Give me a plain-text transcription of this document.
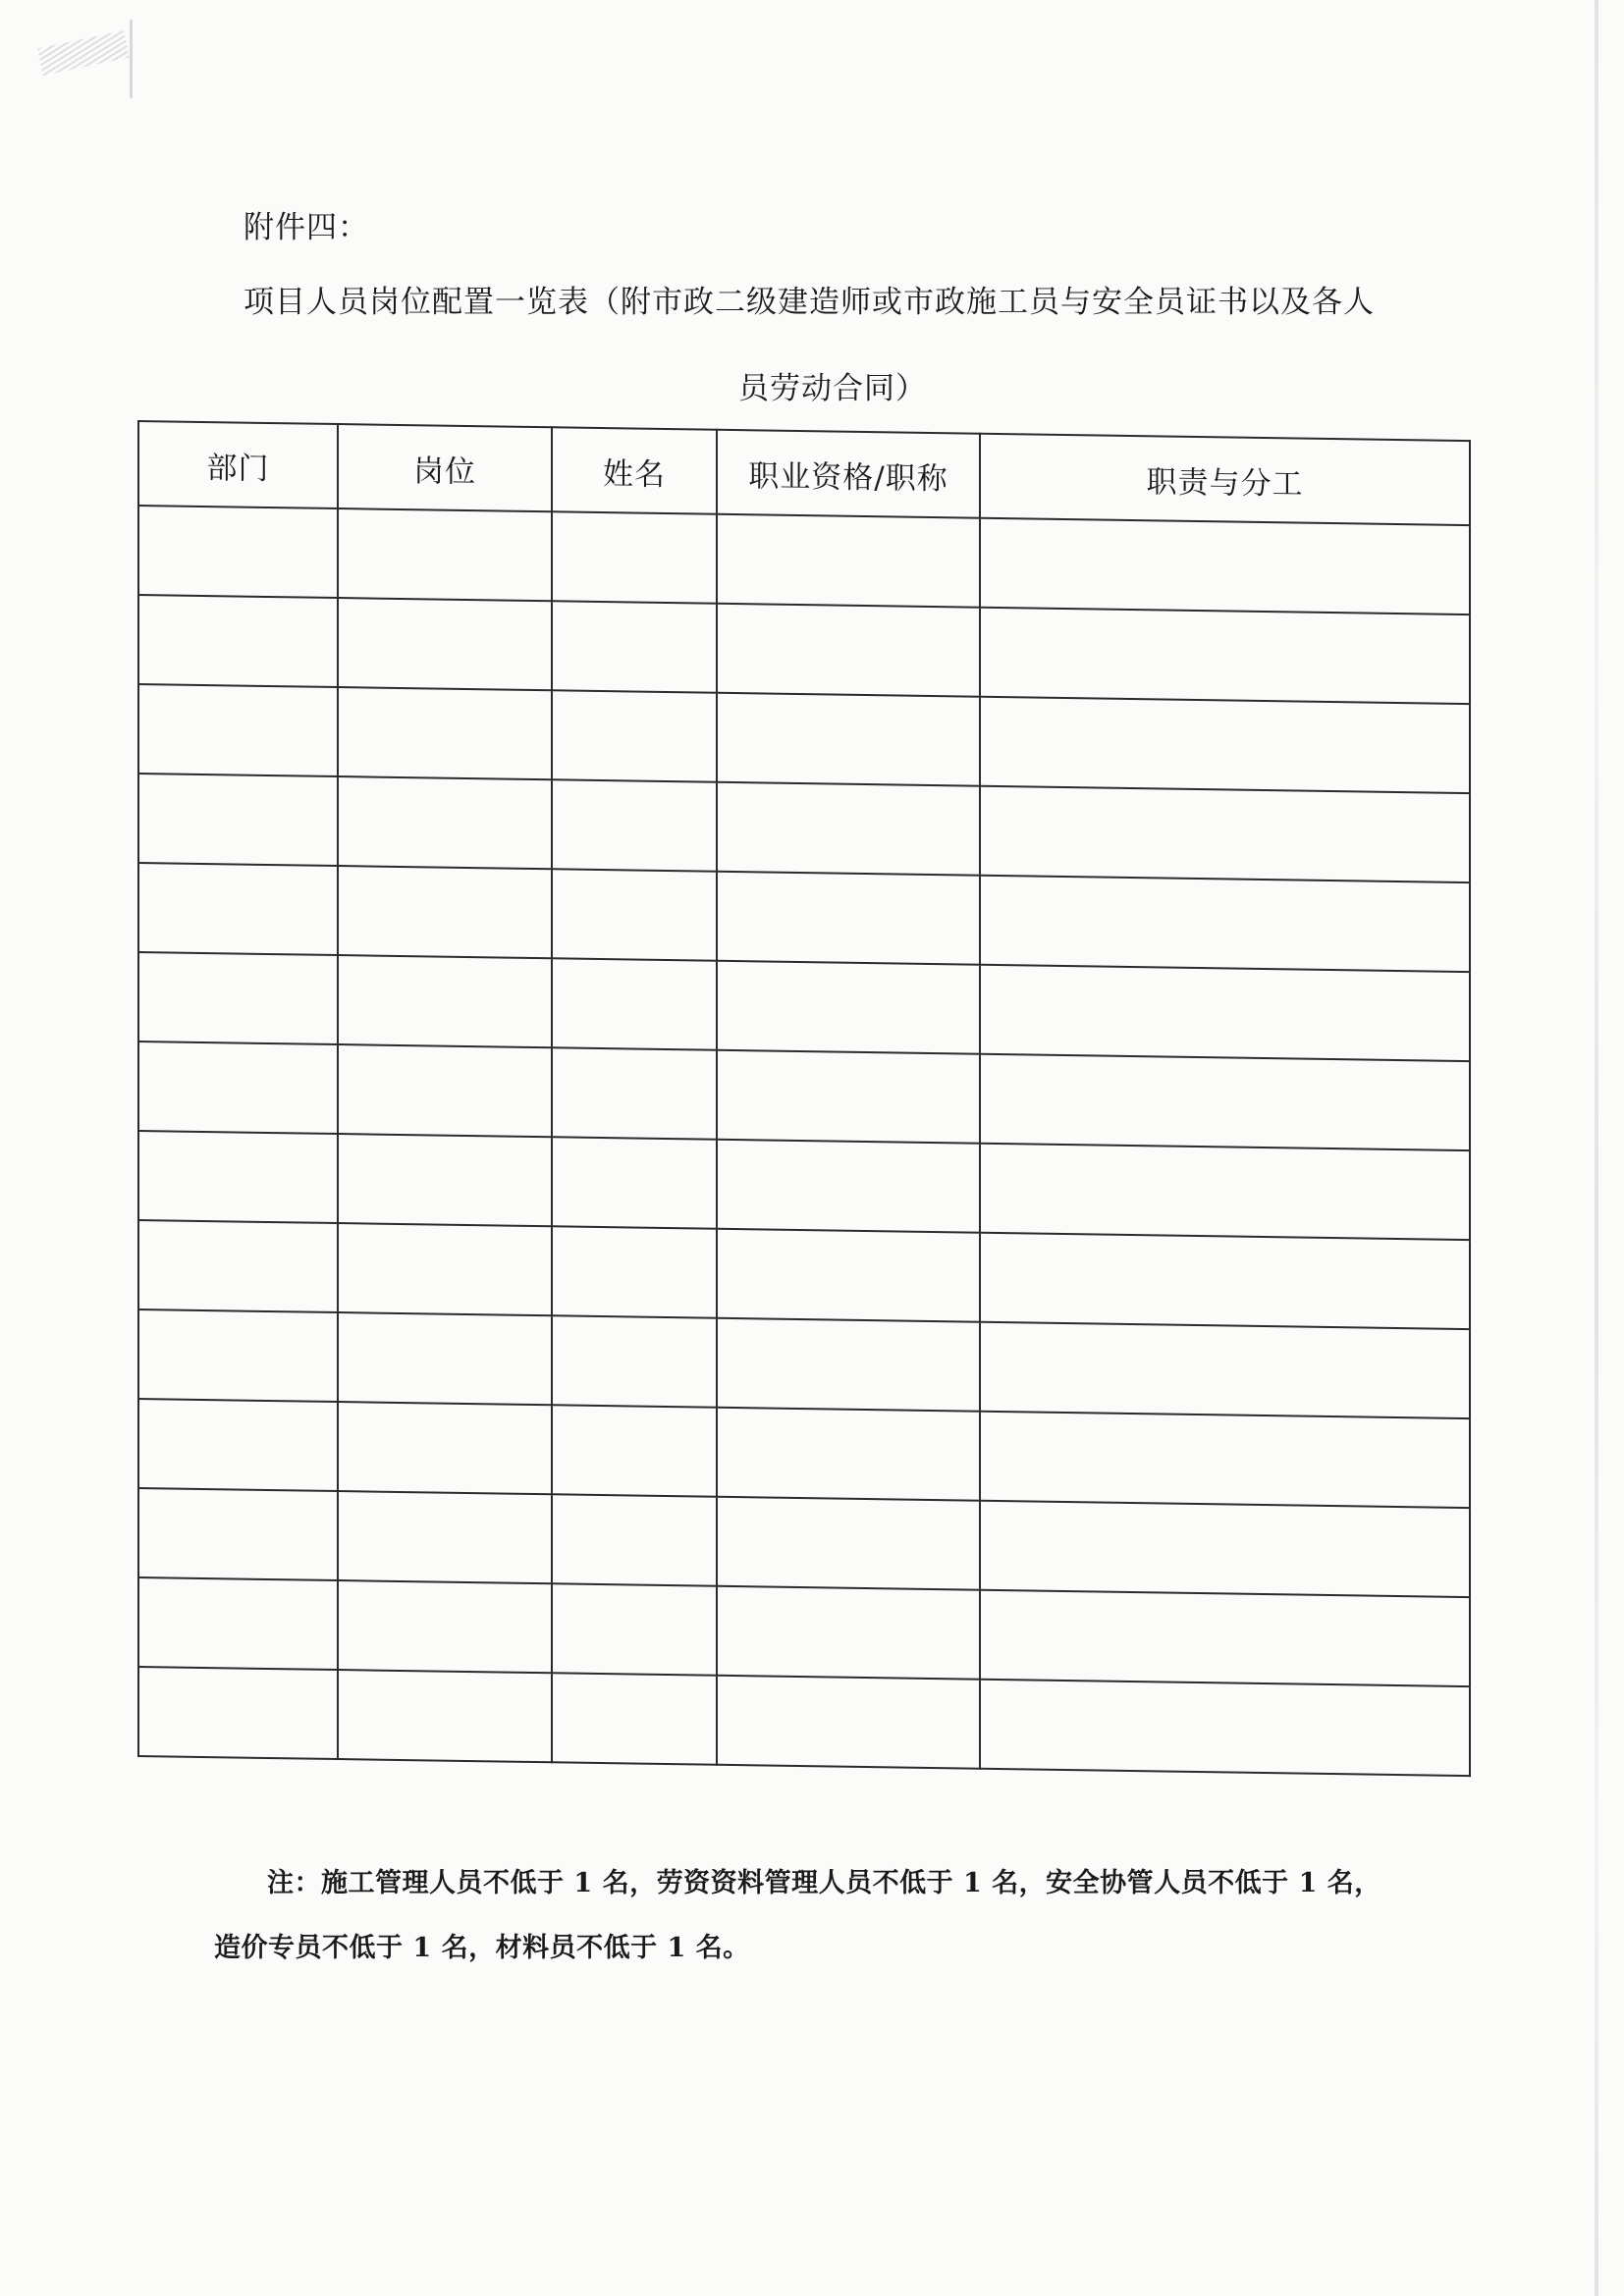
附件四：
项目人员岗位配置一览表（附市政二级建造师或市政施工员与安全员证书以及各人
员劳动合同）
部门	岗位	姓名	职业资格/职称	职责与分工

注：施工管理人员不低于 1 名，劳资资料管理人员不低于 1 名，安全协管人员不低于 1 名，
造价专员不低于 1 名，材料员不低于 1 名。
